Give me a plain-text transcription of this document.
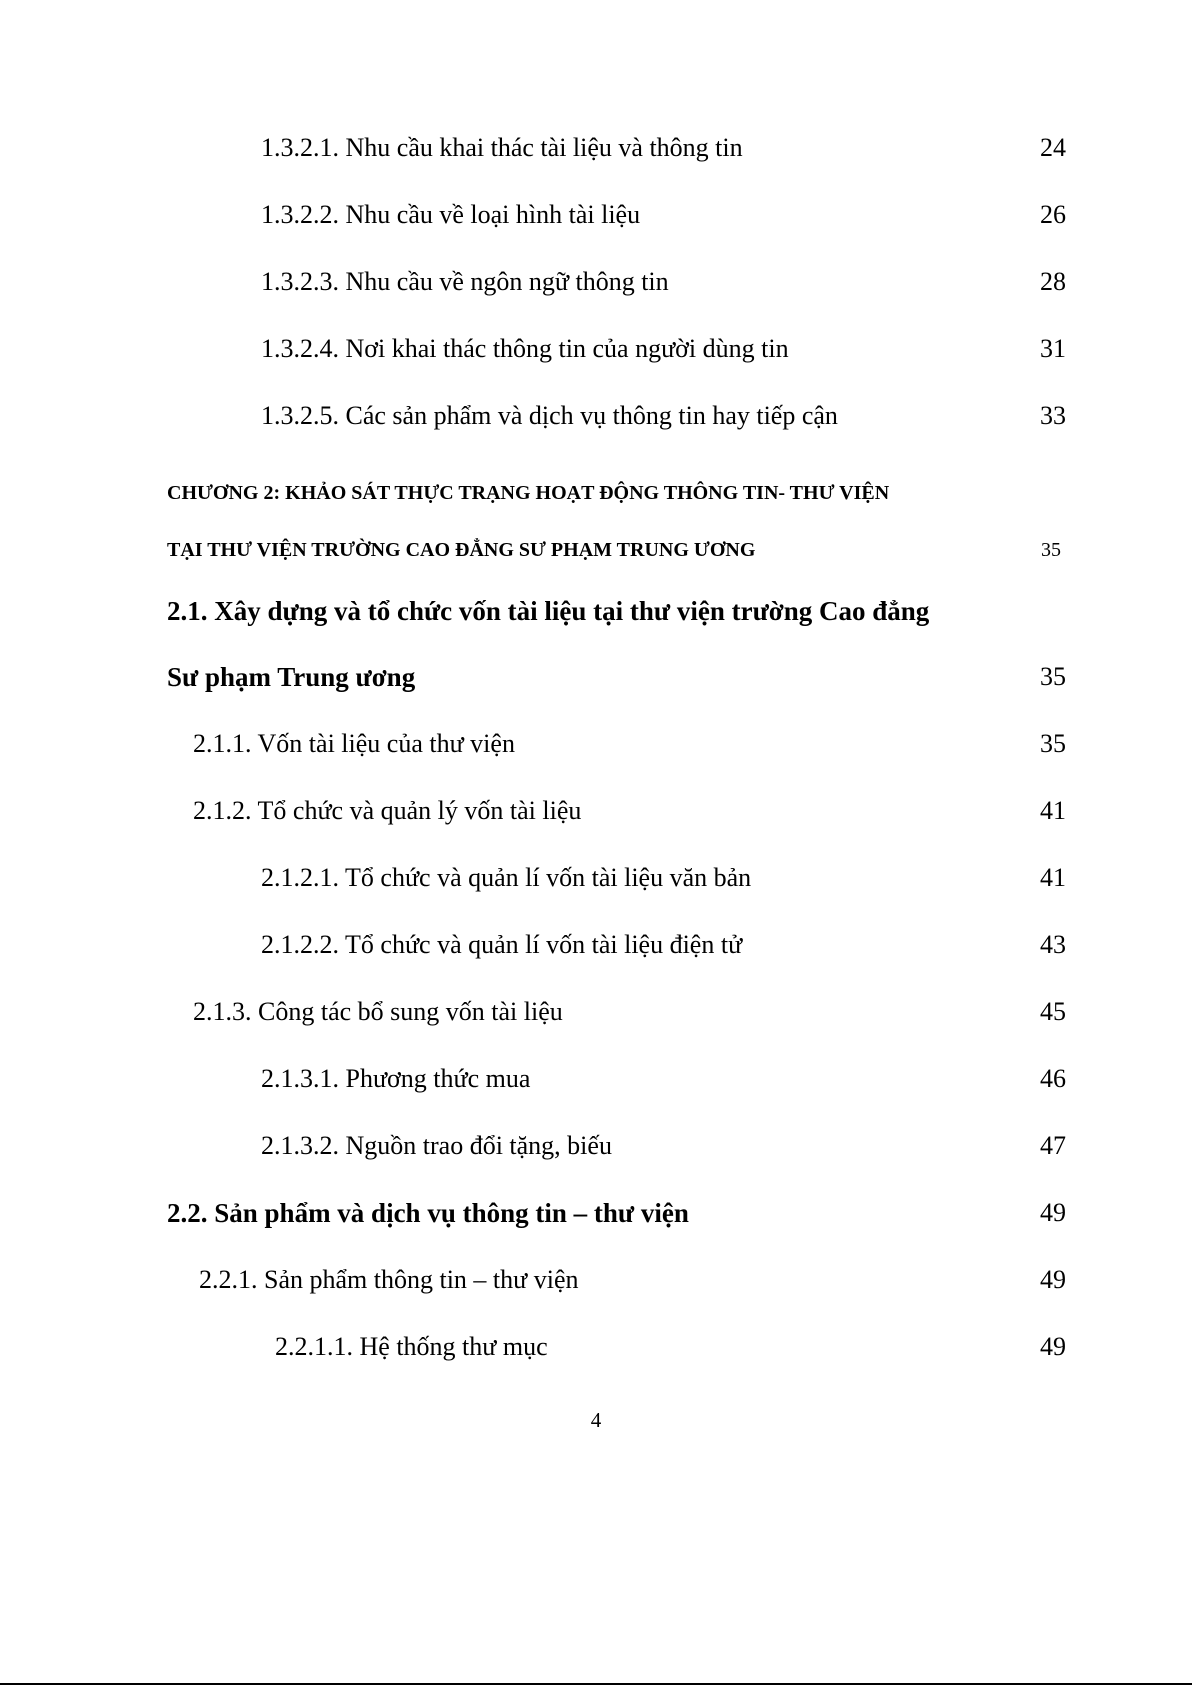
1.3.2.1. Nhu cầu khai thác tài liệu và thông tin	24
1.3.2.2. Nhu cầu về loại hình tài liệu	26
1.3.2.3. Nhu cầu về ngôn ngữ thông tin	28
1.3.2.4. Nơi khai thác thông tin của người dùng tin	31
1.3.2.5. Các sản phẩm và dịch vụ thông tin hay tiếp cận	33
CHƯƠNG 2: KHẢO SÁT THỰC TRẠNG HOẠT ĐỘNG THÔNG TIN- THƯ VIỆN
TẠI THƯ VIỆN TRƯỜNG CAO ĐẲNG SƯ PHẠM TRUNG ƯƠNG	35
2.1. Xây dựng và tổ chức vốn tài liệu tại thư viện trường Cao đẳng
Sư phạm Trung ương	35
2.1.1. Vốn tài liệu của thư viện	35
2.1.2. Tổ chức và quản lý vốn tài liệu	41
2.1.2.1. Tổ chức và quản lí vốn tài liệu văn bản	41
2.1.2.2. Tổ chức và quản lí vốn tài liệu điện tử	43
2.1.3. Công tác bổ sung vốn tài liệu	45
2.1.3.1. Phương thức mua	46
2.1.3.2. Nguồn trao đổi tặng, biếu	47
2.2. Sản phẩm và dịch vụ thông tin – thư viện	49
2.2.1. Sản phẩm thông tin – thư viện	49
2.2.1.1. Hệ thống thư mục	49
4
